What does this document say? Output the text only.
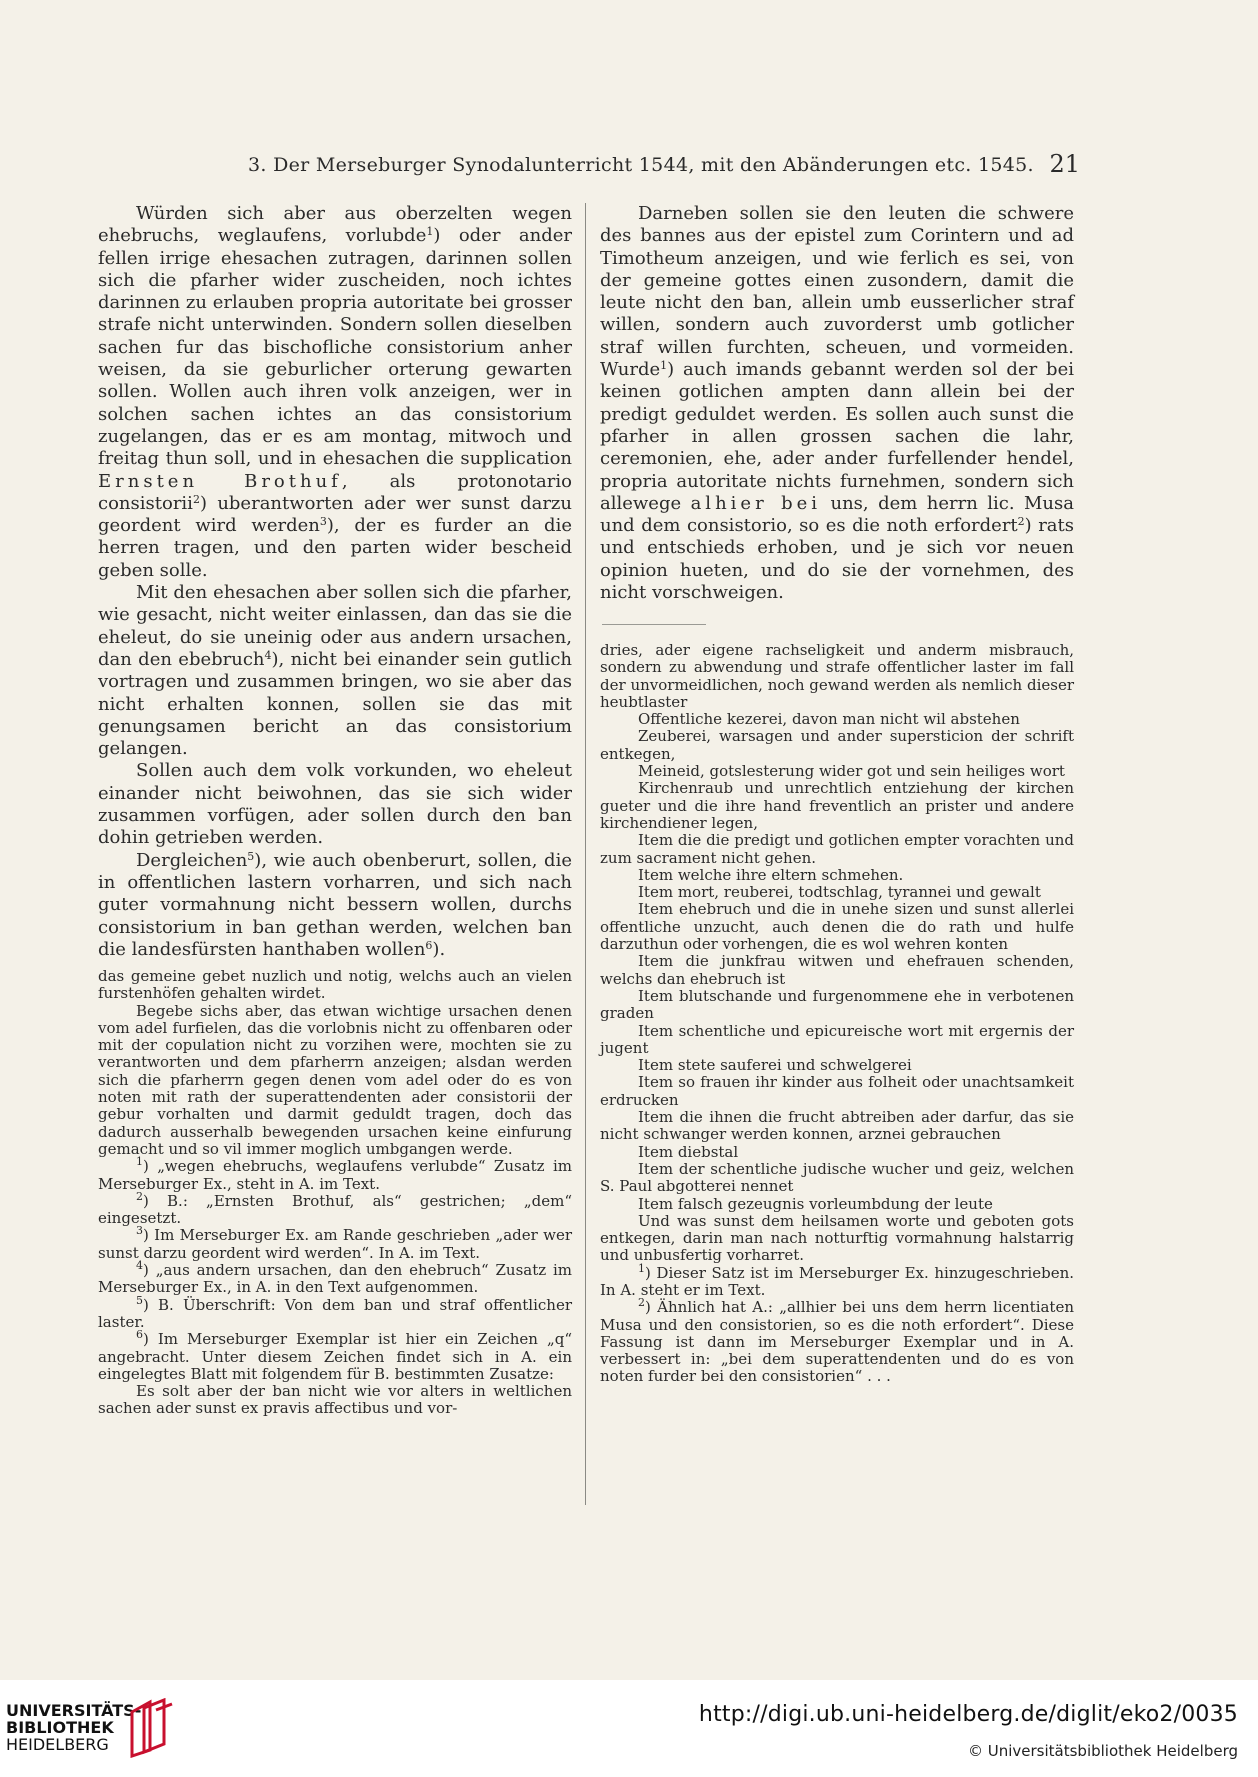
3. Der Merseburger Synodalunterricht 1544, mit den Abänderungen etc. 1545. 21

Würden sich aber aus oberzelten wegen ehebruchs, weglaufens, vorlubde$^1$) oder ander fellen irrige ehesachen zutragen, darinnen sollen sich die pfarher wider zuscheiden, noch ichtes darinnen zu erlauben propria autoritate bei grosser strafe nicht unterwinden. Sondern sollen dieselben sachen fur das bischofliche consistorium anher weisen, da sie geburlicher orterung gewarten sollen. Wollen auch ihren volk anzeigen, wer in solchen sachen ichtes an das consistorium zugelangen, das er es am montag, mitwoch und freitag thun soll, und in ehesachen die supplication Ernsten Brothuf, als protonotario consistorii$^2$) uberantworten ader wer sunst darzu geordent wird werden$^3$), der es furder an die herren tragen, und den parten wider bescheid geben solle.

Mit den ehesachen aber sollen sich die pfarher, wie gesacht, nicht weiter einlassen, dan das sie die eheleut, do sie uneinig oder aus andern ursachen, dan den ebebruch$^4$), nicht bei einander sein gutlich vortragen und zusammen bringen, wo sie aber das nicht erhalten konnen, sollen sie das mit genungsamen bericht an das consistorium gelangen.

Sollen auch dem volk vorkunden, wo eheleut einander nicht beiwohnen, das sie sich wider zusammen vorfügen, ader sollen durch den ban dohin getrieben werden.

Dergleichen$^5$), wie auch obenberurt, sollen, die in offentlichen lastern vorharren, und sich nach guter vormahnung nicht bessern wollen, durchs consistorium in ban gethan werden, welchen ban die landesfürsten hanthaben wollen$^6$).

das gemeine gebet nuzlich und notig, welchs auch an vielen furstenhöfen gehalten wirdet.

Begebe sichs aber, das etwan wichtige ursachen denen vom adel furfielen, das die vorlobnis nicht zu offenbaren oder mit der copulation nicht zu vorzihen were, mochten sie zu verantworten und dem pfarherrn anzeigen; alsdan werden sich die pfarherrn gegen denen vom adel oder do es von noten mit rath der superattendenten ader consistorii der gebur vorhalten und darmit geduldt tragen, doch das dadurch ausserhalb bewegenden ursachen keine einfurung gemacht und so vil immer moglich umbgangen werde.

$^1$) „wegen ehebruchs, weglaufens verlubde“ Zusatz im Merseburger Ex., steht in A. im Text.

$^2$) B.: „Ernsten Brothuf, als“ gestrichen; „dem“ eingesetzt.

$^3$) Im Merseburger Ex. am Rande geschrieben „ader wer sunst darzu geordent wird werden“. In A. im Text.

$^4$) „aus andern ursachen, dan den ehebruch“ Zusatz im Merseburger Ex., in A. in den Text aufgenommen.

$^5$) B. Überschrift: Von dem ban und straf offentlicher laster.

$^6$) Im Merseburger Exemplar ist hier ein Zeichen „q“ angebracht. Unter diesem Zeichen findet sich in A. ein eingelegtes Blatt mit folgendem für B. bestimmten Zusatze:

Es solt aber der ban nicht wie vor alters in weltlichen sachen ader sunst ex pravis affectibus und vor-

Darneben sollen sie den leuten die schwere des bannes aus der epistel zum Corintern und ad Timotheum anzeigen, und wie ferlich es sei, von der gemeine gottes einen zusondern, damit die leute nicht den ban, allein umb eusserlicher straf willen, sondern auch zuvorderst umb gotlicher straf willen furchten, scheuen, und vormeiden. Wurde$^1$) auch imands gebannt werden sol der bei keinen gotlichen ampten dann allein bei der predigt geduldet werden. Es sollen auch sunst die pfarher in allen grossen sachen die lahr, ceremonien, ehe, ader ander furfellender hendel, propria autoritate nichts furnehmen, sondern sich allewege alhier bei uns, dem herrn lic. Musa und dem consistorio, so es die noth erfordert$^2$) rats und entschieds erhoben, und je sich vor neuen opinion hueten, und do sie der vornehmen, des nicht vorschweigen.

dries, ader eigene rachseligkeit und anderm misbrauch, sondern zu abwendung und strafe offentlicher laster im fall der unvormeidlichen, noch gewand werden als nemlich dieser heubtlaster

Offentliche kezerei, davon man nicht wil abstehen

Zeuberei, warsagen und ander supersticion der schrift entkegen,

Meineid, gotslesterung wider got und sein heiliges wort

Kirchenraub und unrechtlich entziehung der kirchen gueter und die ihre hand freventlich an prister und andere kirchendiener legen,

Item die die predigt und gotlichen empter vorachten und zum sacrament nicht gehen.

Item welche ihre eltern schmehen.

Item mort, reuberei, todtschlag, tyrannei und gewalt

Item ehebruch und die in unehe sizen und sunst allerlei offentliche unzucht, auch denen die do rath und hulfe darzuthun oder vorhengen, die es wol wehren konten

Item die junkfrau witwen und ehefrauen schenden, welchs dan ehebruch ist

Item blutschande und furgenommene ehe in verbotenen graden

Item schentliche und epicureische wort mit ergernis der jugent

Item stete sauferei und schwelgerei

Item so frauen ihr kinder aus folheit oder unachtsamkeit erdrucken

Item die ihnen die frucht abtreiben ader darfur, das sie nicht schwanger werden konnen, arznei gebrauchen

Item diebstal

Item der schentliche judische wucher und geiz, welchen S. Paul abgotterei nennet

Item falsch gezeugnis vorleumbdung der leute

Und was sunst dem heilsamen worte und geboten gots entkegen, darin man nach notturftig vormahnung halstarrig und unbusfertig vorharret.

$^1$) Dieser Satz ist im Merseburger Ex. hinzugeschrieben. In A. steht er im Text.

$^2$) Ähnlich hat A.: „allhier bei uns dem herrn licentiaten Musa und den consistorien, so es die noth erfordert“. Diese Fassung ist dann im Merseburger Exemplar und in A. verbessert in: „bei dem superattendenten und do es von noten furder bei den consistorien“ . . .

UNIVERSITÄTS-
BIBLIOTHEK
HEIDELBERG
http://digi.ub.uni-heidelberg.de/diglit/eko2/0035
© Universitätsbibliothek Heidelberg
